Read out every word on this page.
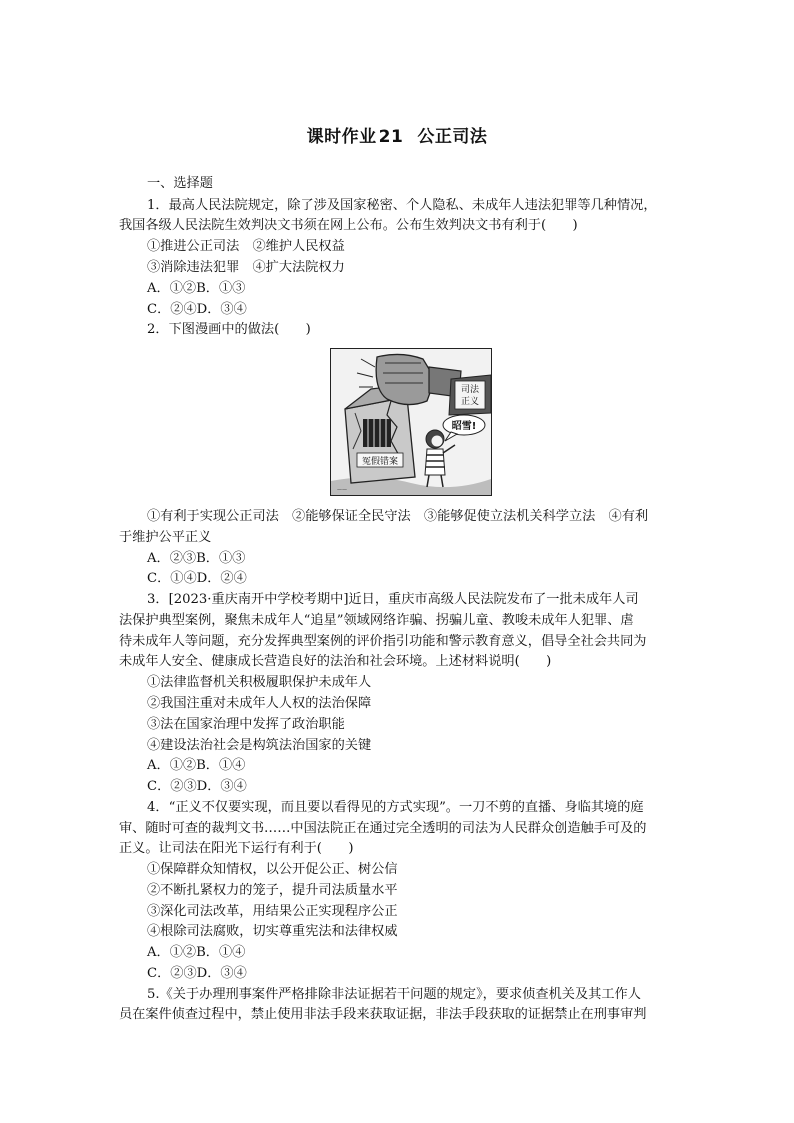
课时作业 21 公正司法
一、选择题
1．最高人民法院规定，除了涉及国家秘密、个人隐私、未成年人违法犯罪等几种情况，
我国各级人民法院生效判决文书须在网上公布。公布生效判决文书有利于(　　)
①推进公正司法　②维护人民权益
③消除违法犯罪　④扩大法院权力
A．①②B．①③
C．②④D．③④
2．下图漫画中的做法(　　)
冤假错案
司法
正义
昭雪!
——
①有利于实现公正司法　②能够保证全民守法　③能够促使立法机关科学立法　④有利
于维护公平正义
A．②③B．①③
C．①④D．②④
3．[2023·重庆南开中学校考期中]近日，重庆市高级人民法院发布了一批未成年人司
法保护典型案例，聚焦未成年人“追星”领域网络诈骗、拐骗儿童、教唆未成年人犯罪、虐
待未成年人等问题，充分发挥典型案例的评价指引功能和警示教育意义，倡导全社会共同为
未成年人安全、健康成长营造良好的法治和社会环境。上述材料说明(　　)
①法律监督机关积极履职保护未成年人
②我国注重对未成年人人权的法治保障
③法在国家治理中发挥了政治职能
④建设法治社会是构筑法治国家的关键
A．①②B．①④
C．②③D．③④
4．“正义不仅要实现，而且要以看得见的方式实现”。一刀不剪的直播、身临其境的庭
审、随时可查的裁判文书……中国法院正在通过完全透明的司法为人民群众创造触手可及的
正义。让司法在阳光下运行有利于(　　)
①保障群众知情权，以公开促公正、树公信
②不断扎紧权力的笼子，提升司法质量水平
③深化司法改革，用结果公正实现程序公正
④根除司法腐败，切实尊重宪法和法律权威
A．①②B．①④
C．②③D．③④
5.《关于办理刑事案件严格排除非法证据若干问题的规定》，要求侦查机关及其工作人
员在案件侦查过程中，禁止使用非法手段来获取证据，非法手段获取的证据禁止在刑事审判
